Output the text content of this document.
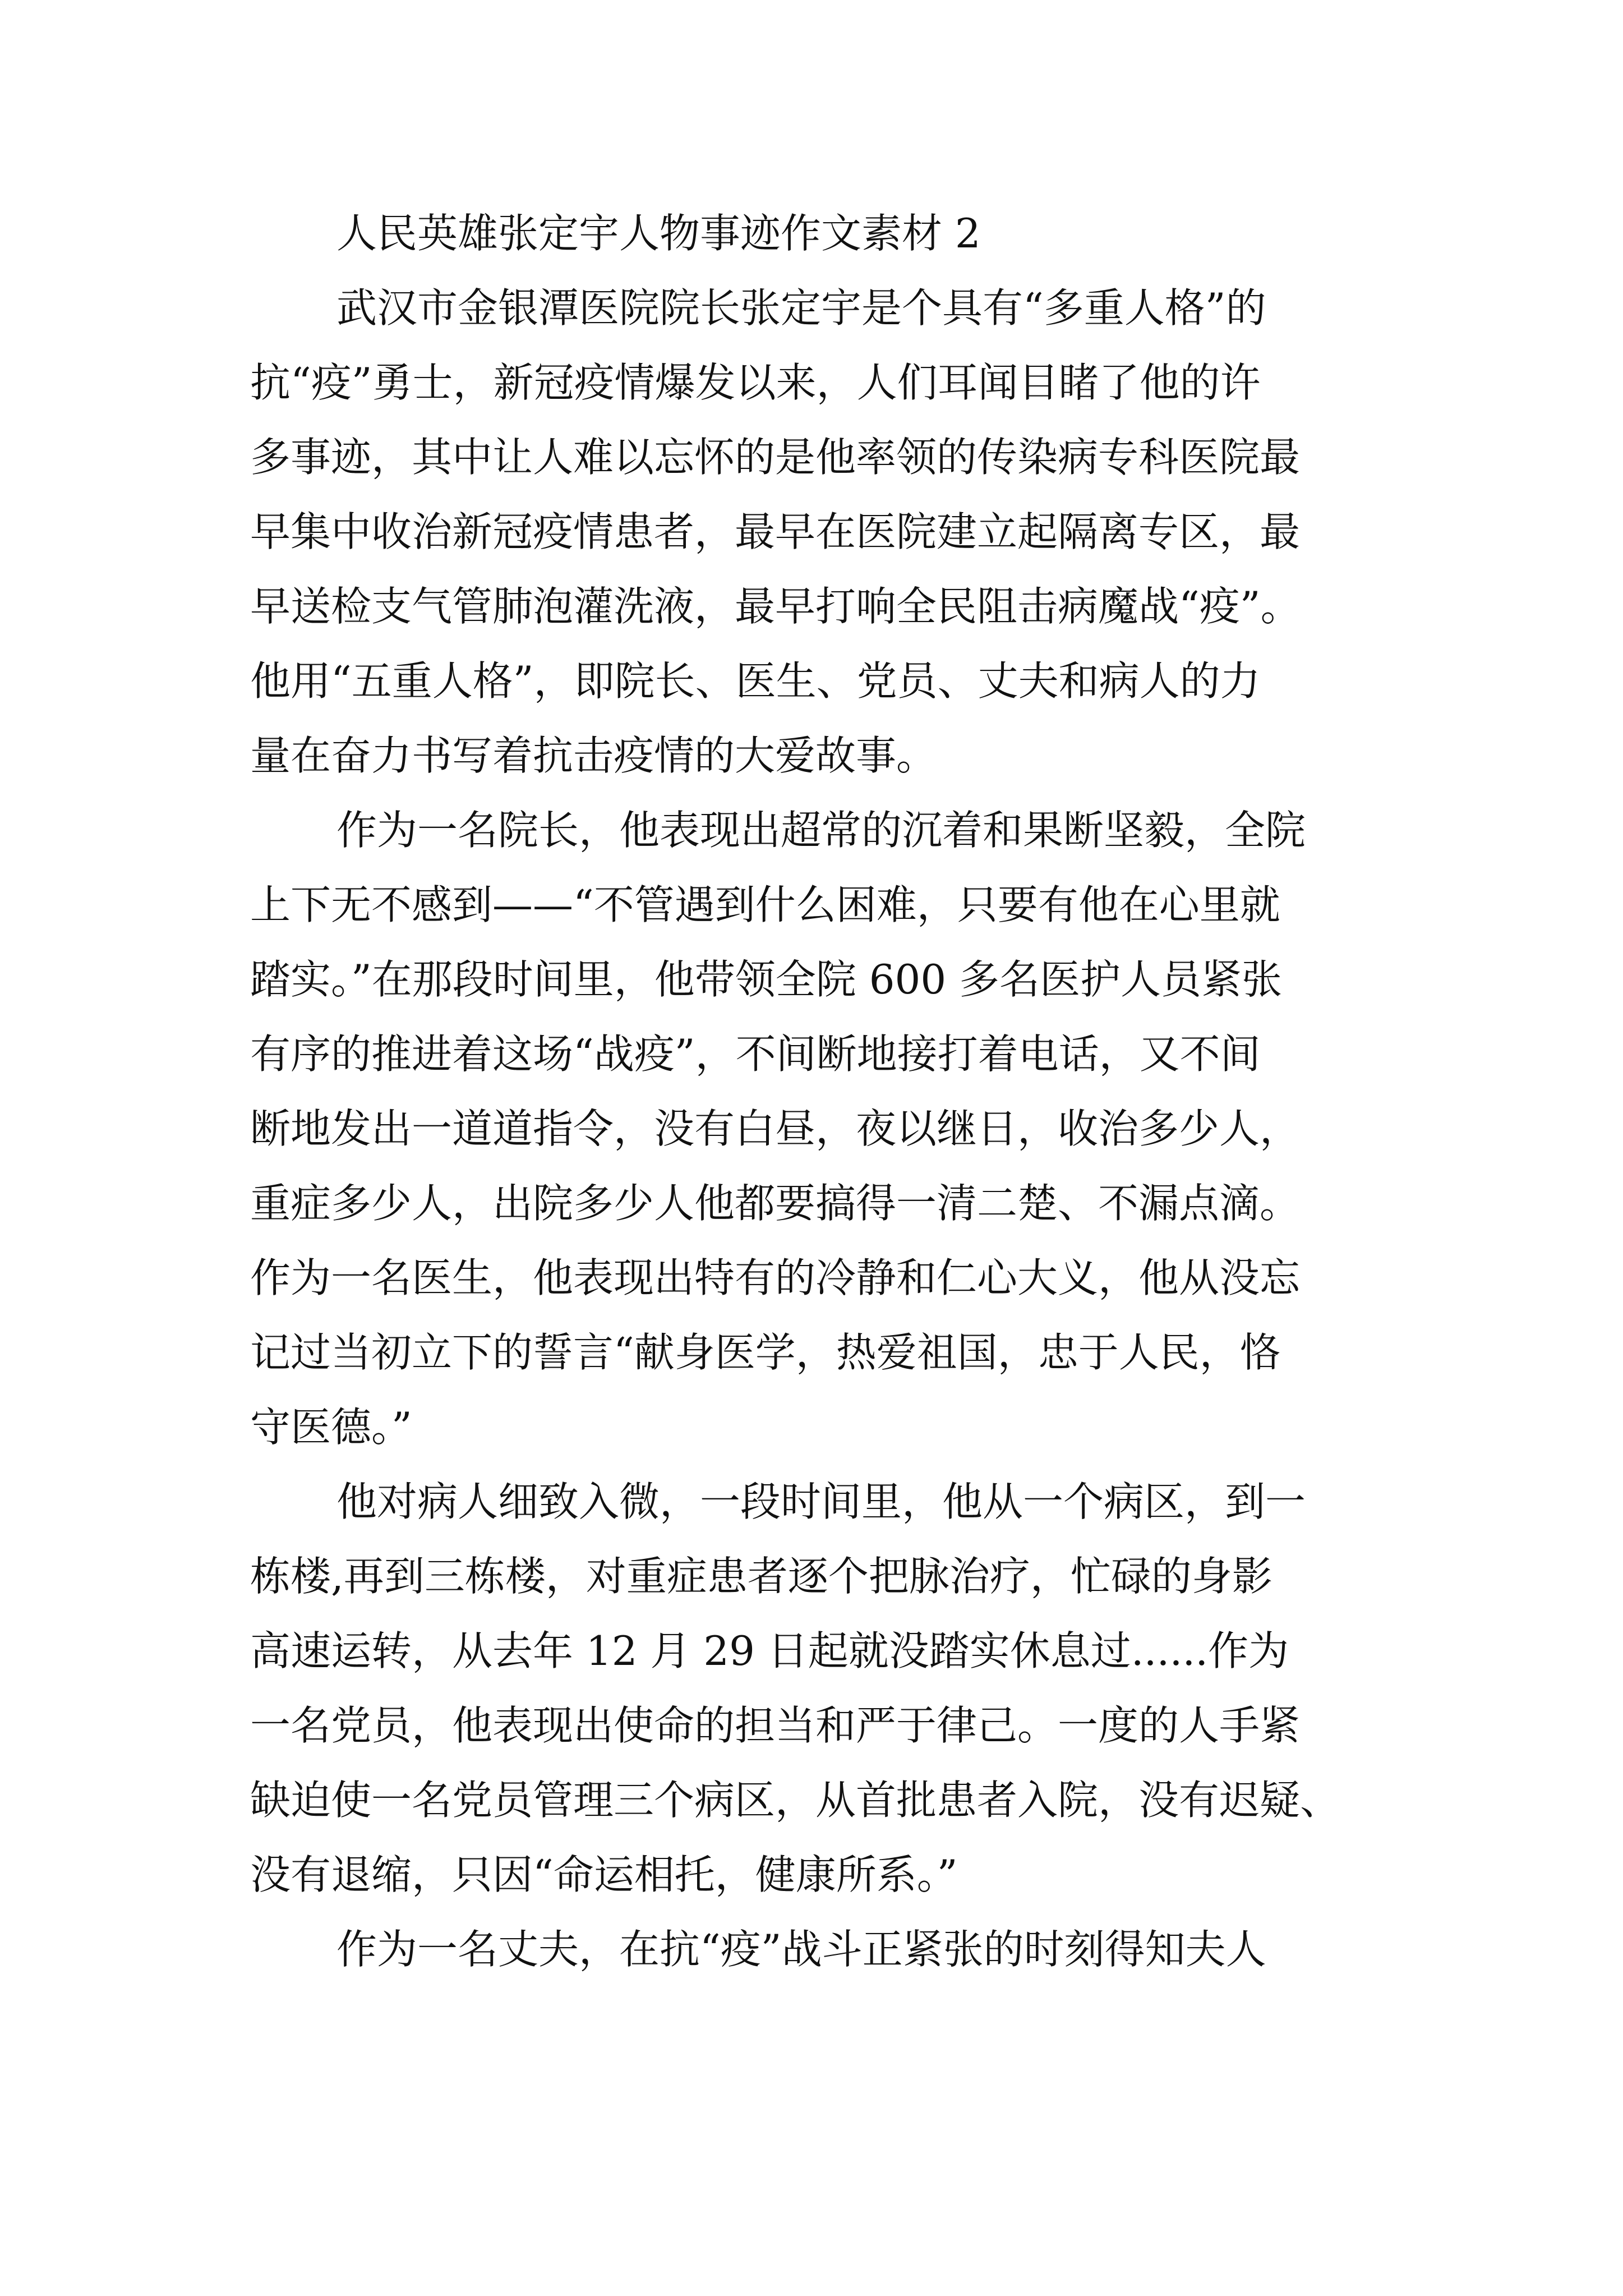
人民英雄张定宇人物事迹作文素材 2
武汉市金银潭医院院长张定宇是个具有“多重人格”的
抗“疫”勇士，新冠疫情爆发以来，人们耳闻目睹了他的许
多事迹，其中让人难以忘怀的是他率领的传染病专科医院最
早集中收治新冠疫情患者，最早在医院建立起隔离专区，最
早送检支气管肺泡灌洗液，最早打响全民阻击病魔战“疫”。
他用“五重人格”，即院长、医生、党员、丈夫和病人的力
量在奋力书写着抗击疫情的大爱故事。
作为一名院长，他表现出超常的沉着和果断坚毅，全院
上下无不感到——“不管遇到什么困难，只要有他在心里就
踏实。”在那段时间里，他带领全院 600 多名医护人员紧张
有序的推进着这场“战疫”，不间断地接打着电话，又不间
断地发出一道道指令，没有白昼，夜以继日，收治多少人，
重症多少人，出院多少人他都要搞得一清二楚、不漏点滴。
作为一名医生，他表现出特有的冷静和仁心大义，他从没忘
记过当初立下的誓言“献身医学，热爱祖国，忠于人民，恪
守医德。”
他对病人细致入微，一段时间里，他从一个病区，到一
栋楼,再到三栋楼，对重症患者逐个把脉治疗，忙碌的身影
高速运转，从去年 12 月 29 日起就没踏实休息过......作为
一名党员，他表现出使命的担当和严于律己。一度的人手紧
缺迫使一名党员管理三个病区，从首批患者入院，没有迟疑、
没有退缩，只因“命运相托，健康所系。”
作为一名丈夫，在抗“疫”战斗正紧张的时刻得知夫人
